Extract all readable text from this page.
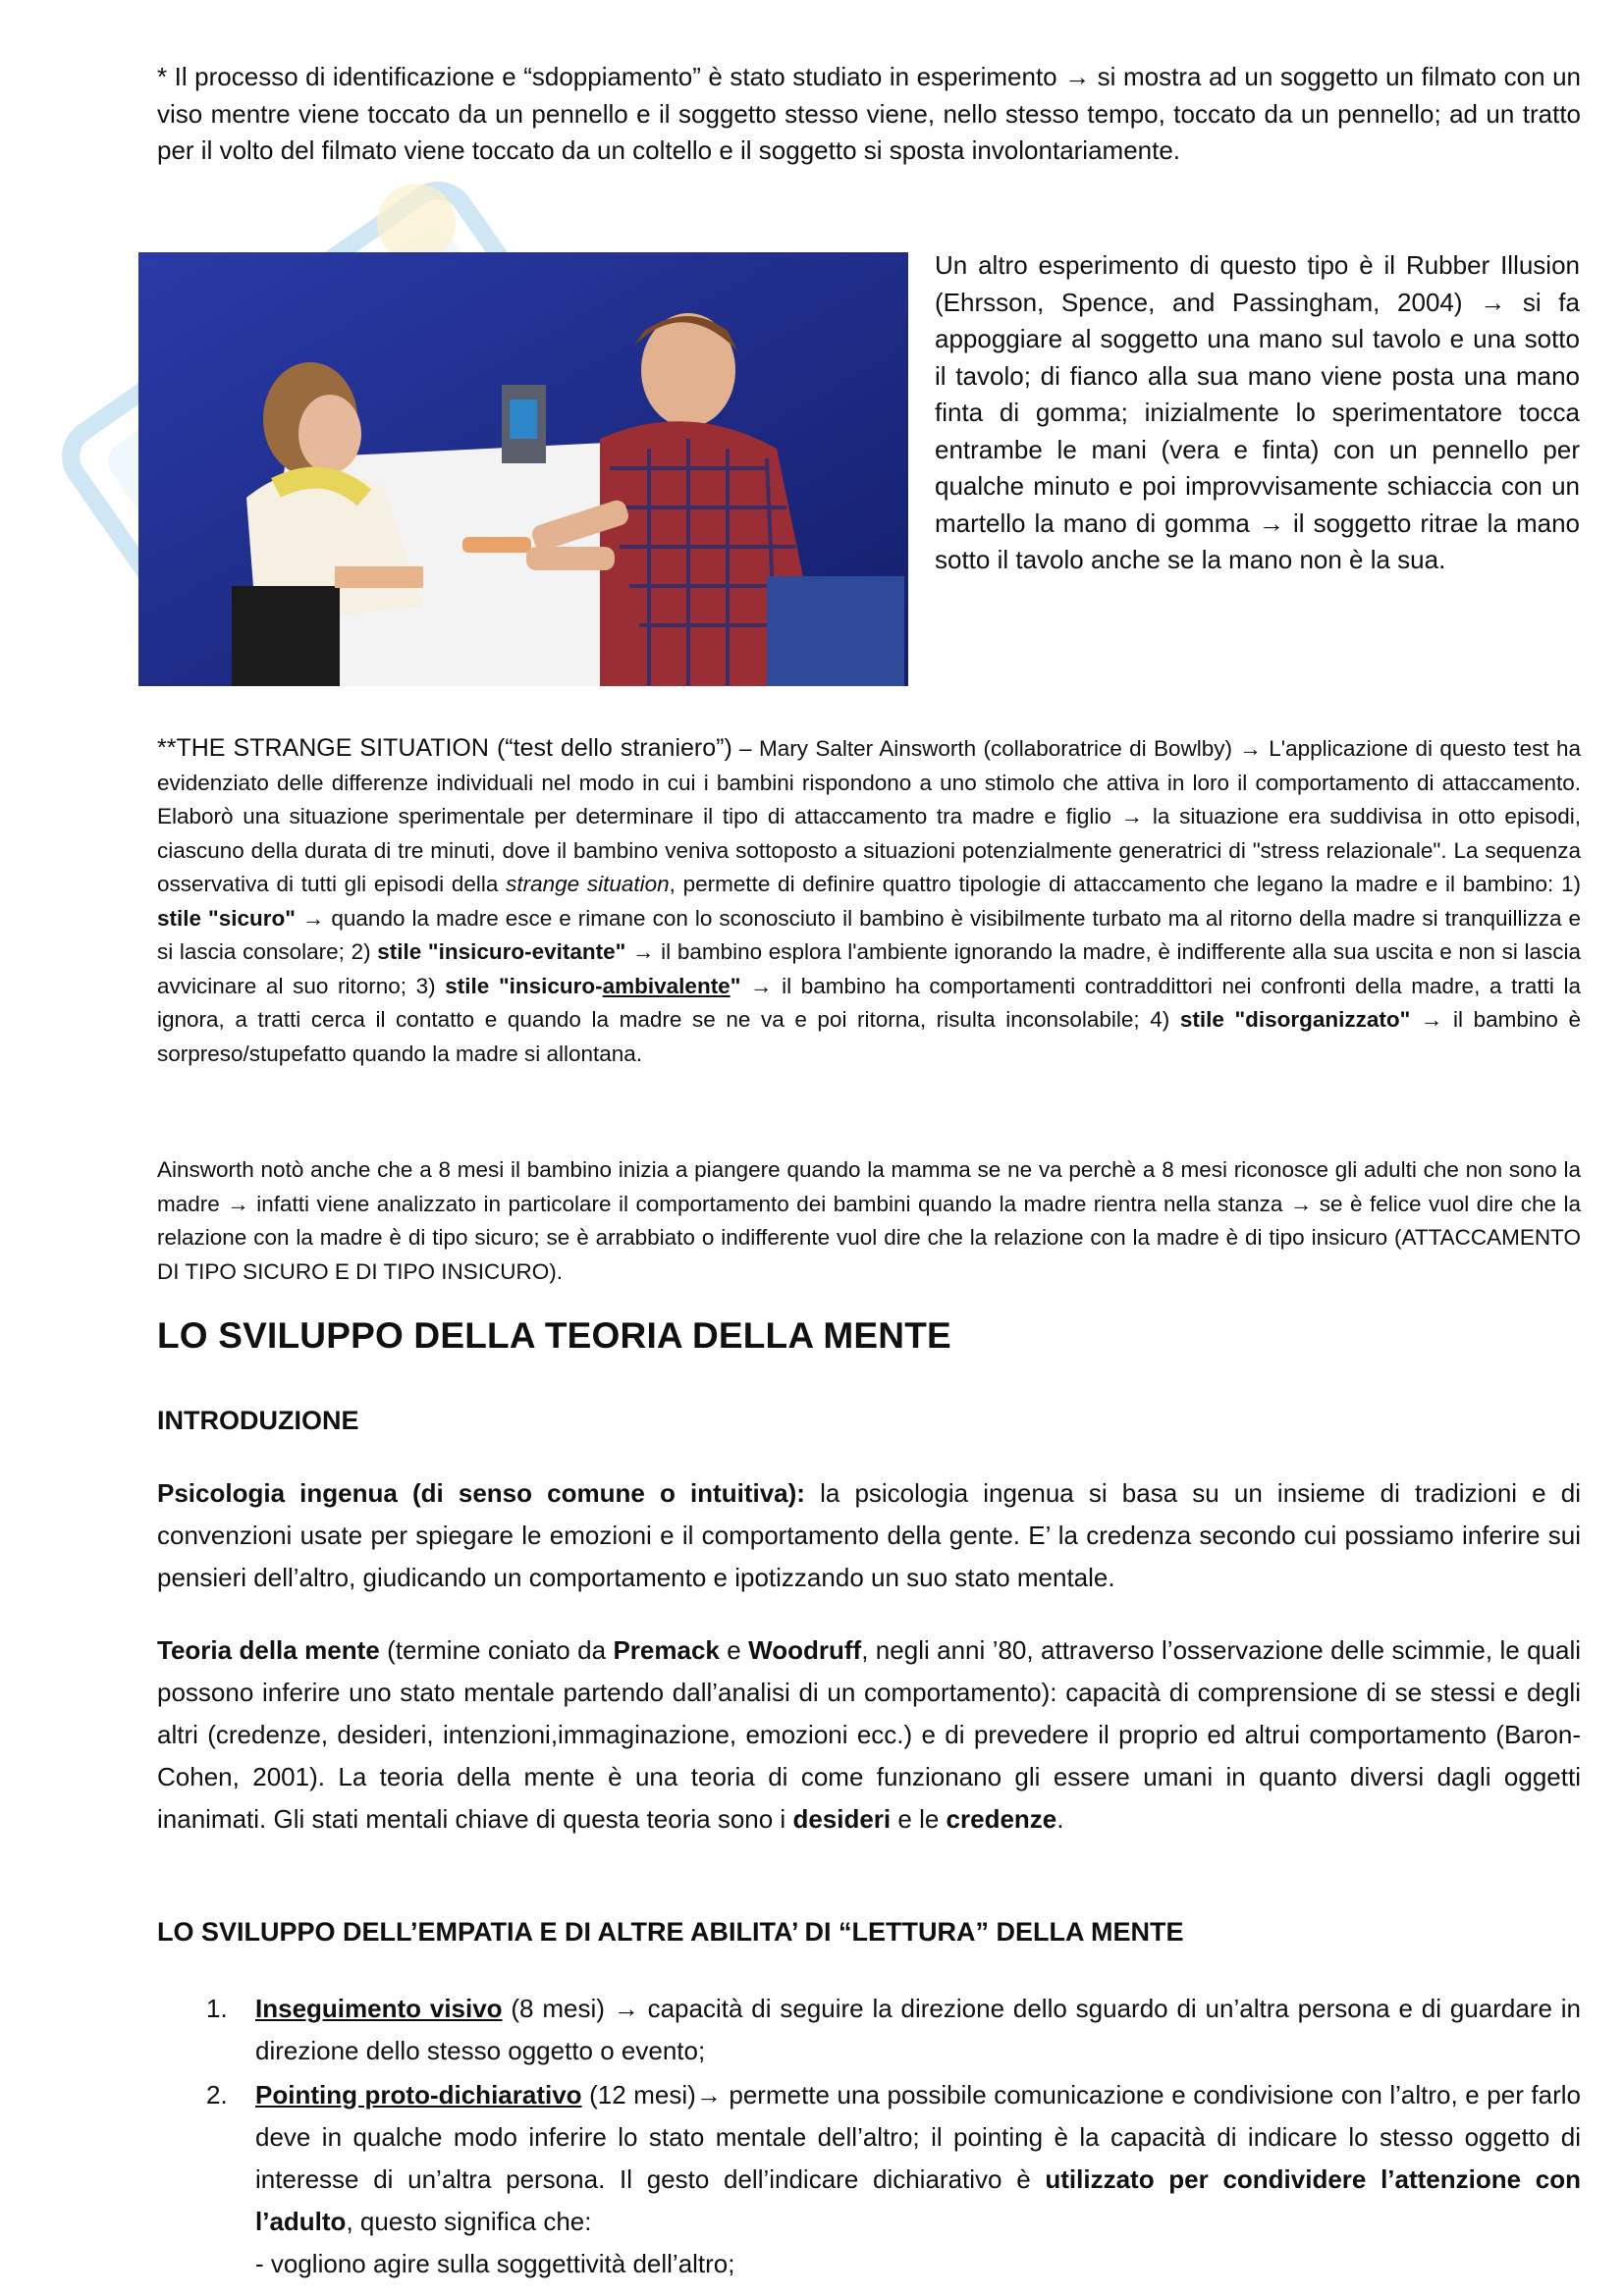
* Il processo di identificazione e “sdoppiamento” è stato studiato in esperimento → si mostra ad un soggetto un filmato con un viso mentre viene toccato da un pennello e il soggetto stesso viene, nello stesso tempo, toccato da un pennello; ad un tratto per il volto del filmato viene toccato da un coltello e il soggetto si sposta involontariamente.

Un altro esperimento di questo tipo è il Rubber Illusion (Ehrsson, Spence, and Passingham, 2004) → si fa appoggiare al soggetto una mano sul tavolo e una sotto il tavolo; di fianco alla sua mano viene posta una mano finta di gomma; inizialmente lo sperimentatore tocca entrambe le mani (vera e finta) con un pennello per qualche minuto e poi improvvisamente schiaccia con un martello la mano di gomma → il soggetto ritrae la mano sotto il tavolo anche se la mano non è la sua.

**THE STRANGE SITUATION (“test dello straniero”) – Mary Salter Ainsworth (collaboratrice di Bowlby) → L'applicazione di questo test ha evidenziato delle differenze individuali nel modo in cui i bambini rispondono a uno stimolo che attiva in loro il comportamento di attaccamento. Elaborò una situazione sperimentale per determinare il tipo di attaccamento tra madre e figlio → la situazione era suddivisa in otto episodi, ciascuno della durata di tre minuti, dove il bambino veniva sottoposto a situazioni potenzialmente generatrici di "stress relazionale". La sequenza osservativa di tutti gli episodi della strange situation, permette di definire quattro tipologie di attaccamento che legano la madre e il bambino: 1) stile "sicuro" → quando la madre esce e rimane con lo sconosciuto il bambino è visibilmente turbato ma al ritorno della madre si tranquillizza e si lascia consolare; 2) stile "insicuro-evitante" → il bambino esplora l'ambiente ignorando la madre, è indifferente alla sua uscita e non si lascia avvicinare al suo ritorno; 3) stile "insicuro-ambivalente" → il bambino ha comportamenti contraddittori nei confronti della madre, a tratti la ignora, a tratti cerca il contatto e quando la madre se ne va e poi ritorna, risulta inconsolabile; 4) stile "disorganizzato" → il bambino è sorpreso/stupefatto quando la madre si allontana.

Ainsworth notò anche che a 8 mesi il bambino inizia a piangere quando la mamma se ne va perchè a 8 mesi riconosce gli adulti che non sono la madre → infatti viene analizzato in particolare il comportamento dei bambini quando la madre rientra nella stanza → se è felice vuol dire che la relazione con la madre è di tipo sicuro; se è arrabbiato o indifferente vuol dire che la relazione con la madre è di tipo insicuro (ATTACCAMENTO DI TIPO SICURO E DI TIPO INSICURO).

LO SVILUPPO DELLA TEORIA DELLA MENTE
INTRODUZIONE

Psicologia ingenua (di senso comune o intuitiva): la psicologia ingenua si basa su un insieme di tradizioni e di convenzioni usate per spiegare le emozioni e il comportamento della gente. E’ la credenza secondo cui possiamo inferire sui pensieri dell’altro, giudicando un comportamento e ipotizzando un suo stato mentale.

Teoria della mente (termine coniato da Premack e Woodruff, negli anni ’80, attraverso l’osservazione delle scimmie, le quali possono inferire uno stato mentale partendo dall’analisi di un comportamento): capacità di comprensione di se stessi e degli altri (credenze, desideri, intenzioni,immaginazione, emozioni ecc.) e di prevedere il proprio ed altrui comportamento (Baron-Cohen, 2001). La teoria della mente è una teoria di come funzionano gli essere umani in quanto diversi dagli oggetti inanimati. Gli stati mentali chiave di questa teoria sono i desideri e le credenze.

LO SVILUPPO DELL’EMPATIA E DI ALTRE ABILITA’ DI “LETTURA” DELLA MENTE
1. Inseguimento visivo (8 mesi) → capacità di seguire la direzione dello sguardo di un’altra persona e di guardare in direzione dello stesso oggetto o evento;
2. Pointing proto-dichiarativo (12 mesi)→ permette una possibile comunicazione e condivisione con l’altro, e per farlo deve in qualche modo inferire lo stato mentale dell’altro; il pointing è la capacità di indicare lo stesso oggetto di interesse di un’altra persona. Il gesto dell’indicare dichiarativo è utilizzato per condividere l’attenzione con l’adulto, questo significa che:
- vogliono agire sulla soggettività dell’altro;
